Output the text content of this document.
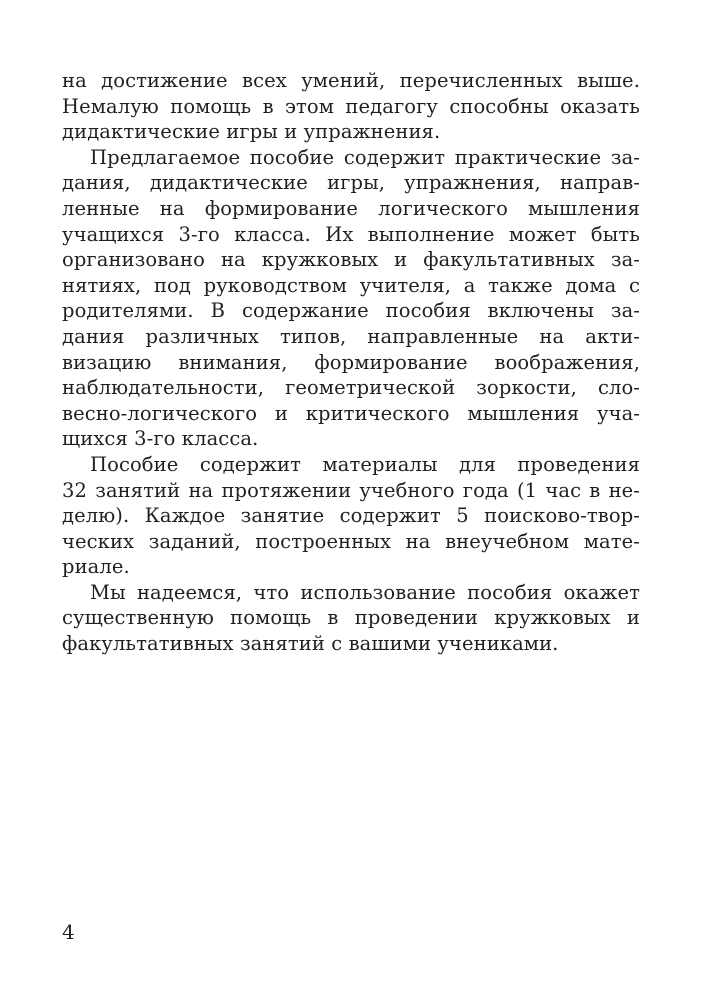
на достижение всех умений, перечисленных выше.
Немалую помощь в этом педагогу способны оказать
дидактические игры и упражнения.
Предлагаемое пособие содержит практические за-
дания, дидактические игры, упражнения, направ-
ленные на формирование логического мышления
учащихся 3-го класса. Их выполнение может быть
организовано на кружковых и факультативных за-
нятиях, под руководством учителя, а также дома с
родителями. В содержание пособия включены за-
дания различных типов, направленные на акти-
визацию внимания, формирование воображения,
наблюдательности, геометрической зоркости, сло-
весно-логического и критического мышления уча-
щихся 3-го класса.
Пособие содержит материалы для проведения
32 занятий на протяжении учебного года (1 час в не-
делю). Каждое занятие содержит 5 поисково-твор-
ческих заданий, построенных на внеучебном мате-
риале.
Мы надеемся, что использование пособия окажет
существенную помощь в проведении кружковых и
факультативных занятий с вашими учениками.
4
